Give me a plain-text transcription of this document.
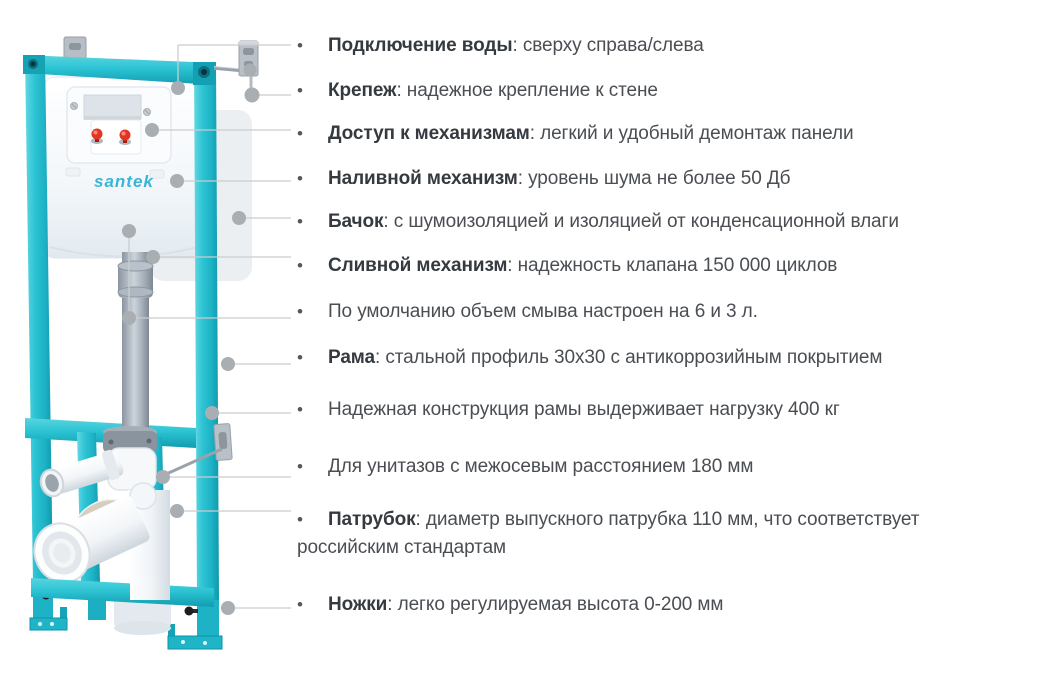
santek
• Подключение воды: сверху справа/слева
• Крепеж: надежное крепление к стене
• Доступ к механизмам: легкий и удобный демонтаж панели
• Наливной механизм: уровень шума не более 50 Дб
• Бачок: с шумоизоляцией и изоляцией от конденсационной влаги
• Сливной механизм: надежность клапана 150 000 циклов
• По умолчанию объем смыва настроен на 6 и 3 л.
• Рама: стальной профиль 30х30 с антикоррозийным покрытием
• Надежная конструкция рамы выдерживает нагрузку 400 кг
• Для унитазов с межосевым расстоянием 180 мм
• Патрубок: диаметр выпускного патрубка 110 мм, что соответствует российским стандартам
• Ножки: легко регулируемая высота 0-200 мм
